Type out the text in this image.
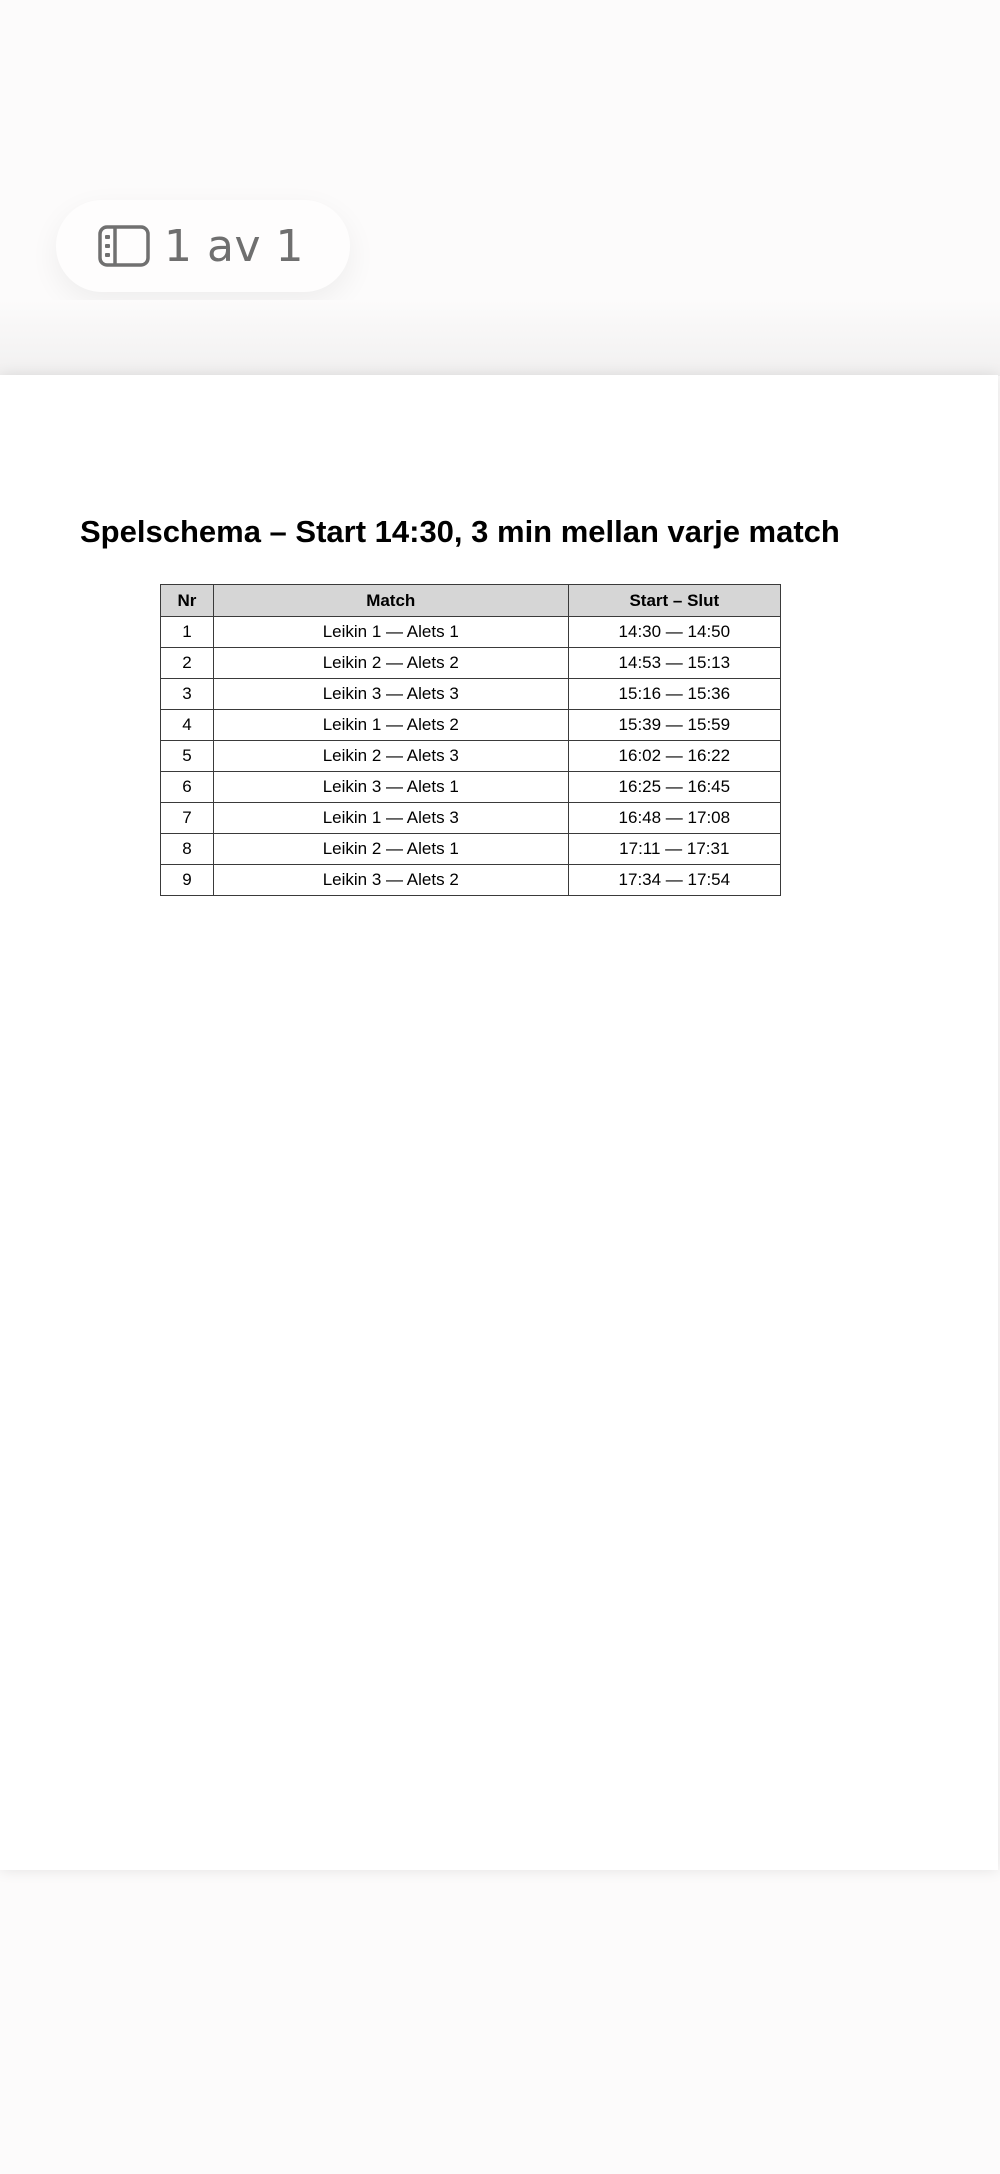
1 av 1
Spelschema – Start 14:30, 3 min mellan varje match
Nr	Match	Start – Slut
1	Leikin 1 — Alets 1	14:30 — 14:50
2	Leikin 2 — Alets 2	14:53 — 15:13
3	Leikin 3 — Alets 3	15:16 — 15:36
4	Leikin 1 — Alets 2	15:39 — 15:59
5	Leikin 2 — Alets 3	16:02 — 16:22
6	Leikin 3 — Alets 1	16:25 — 16:45
7	Leikin 1 — Alets 3	16:48 — 17:08
8	Leikin 2 — Alets 1	17:11 — 17:31
9	Leikin 3 — Alets 2	17:34 — 17:54
